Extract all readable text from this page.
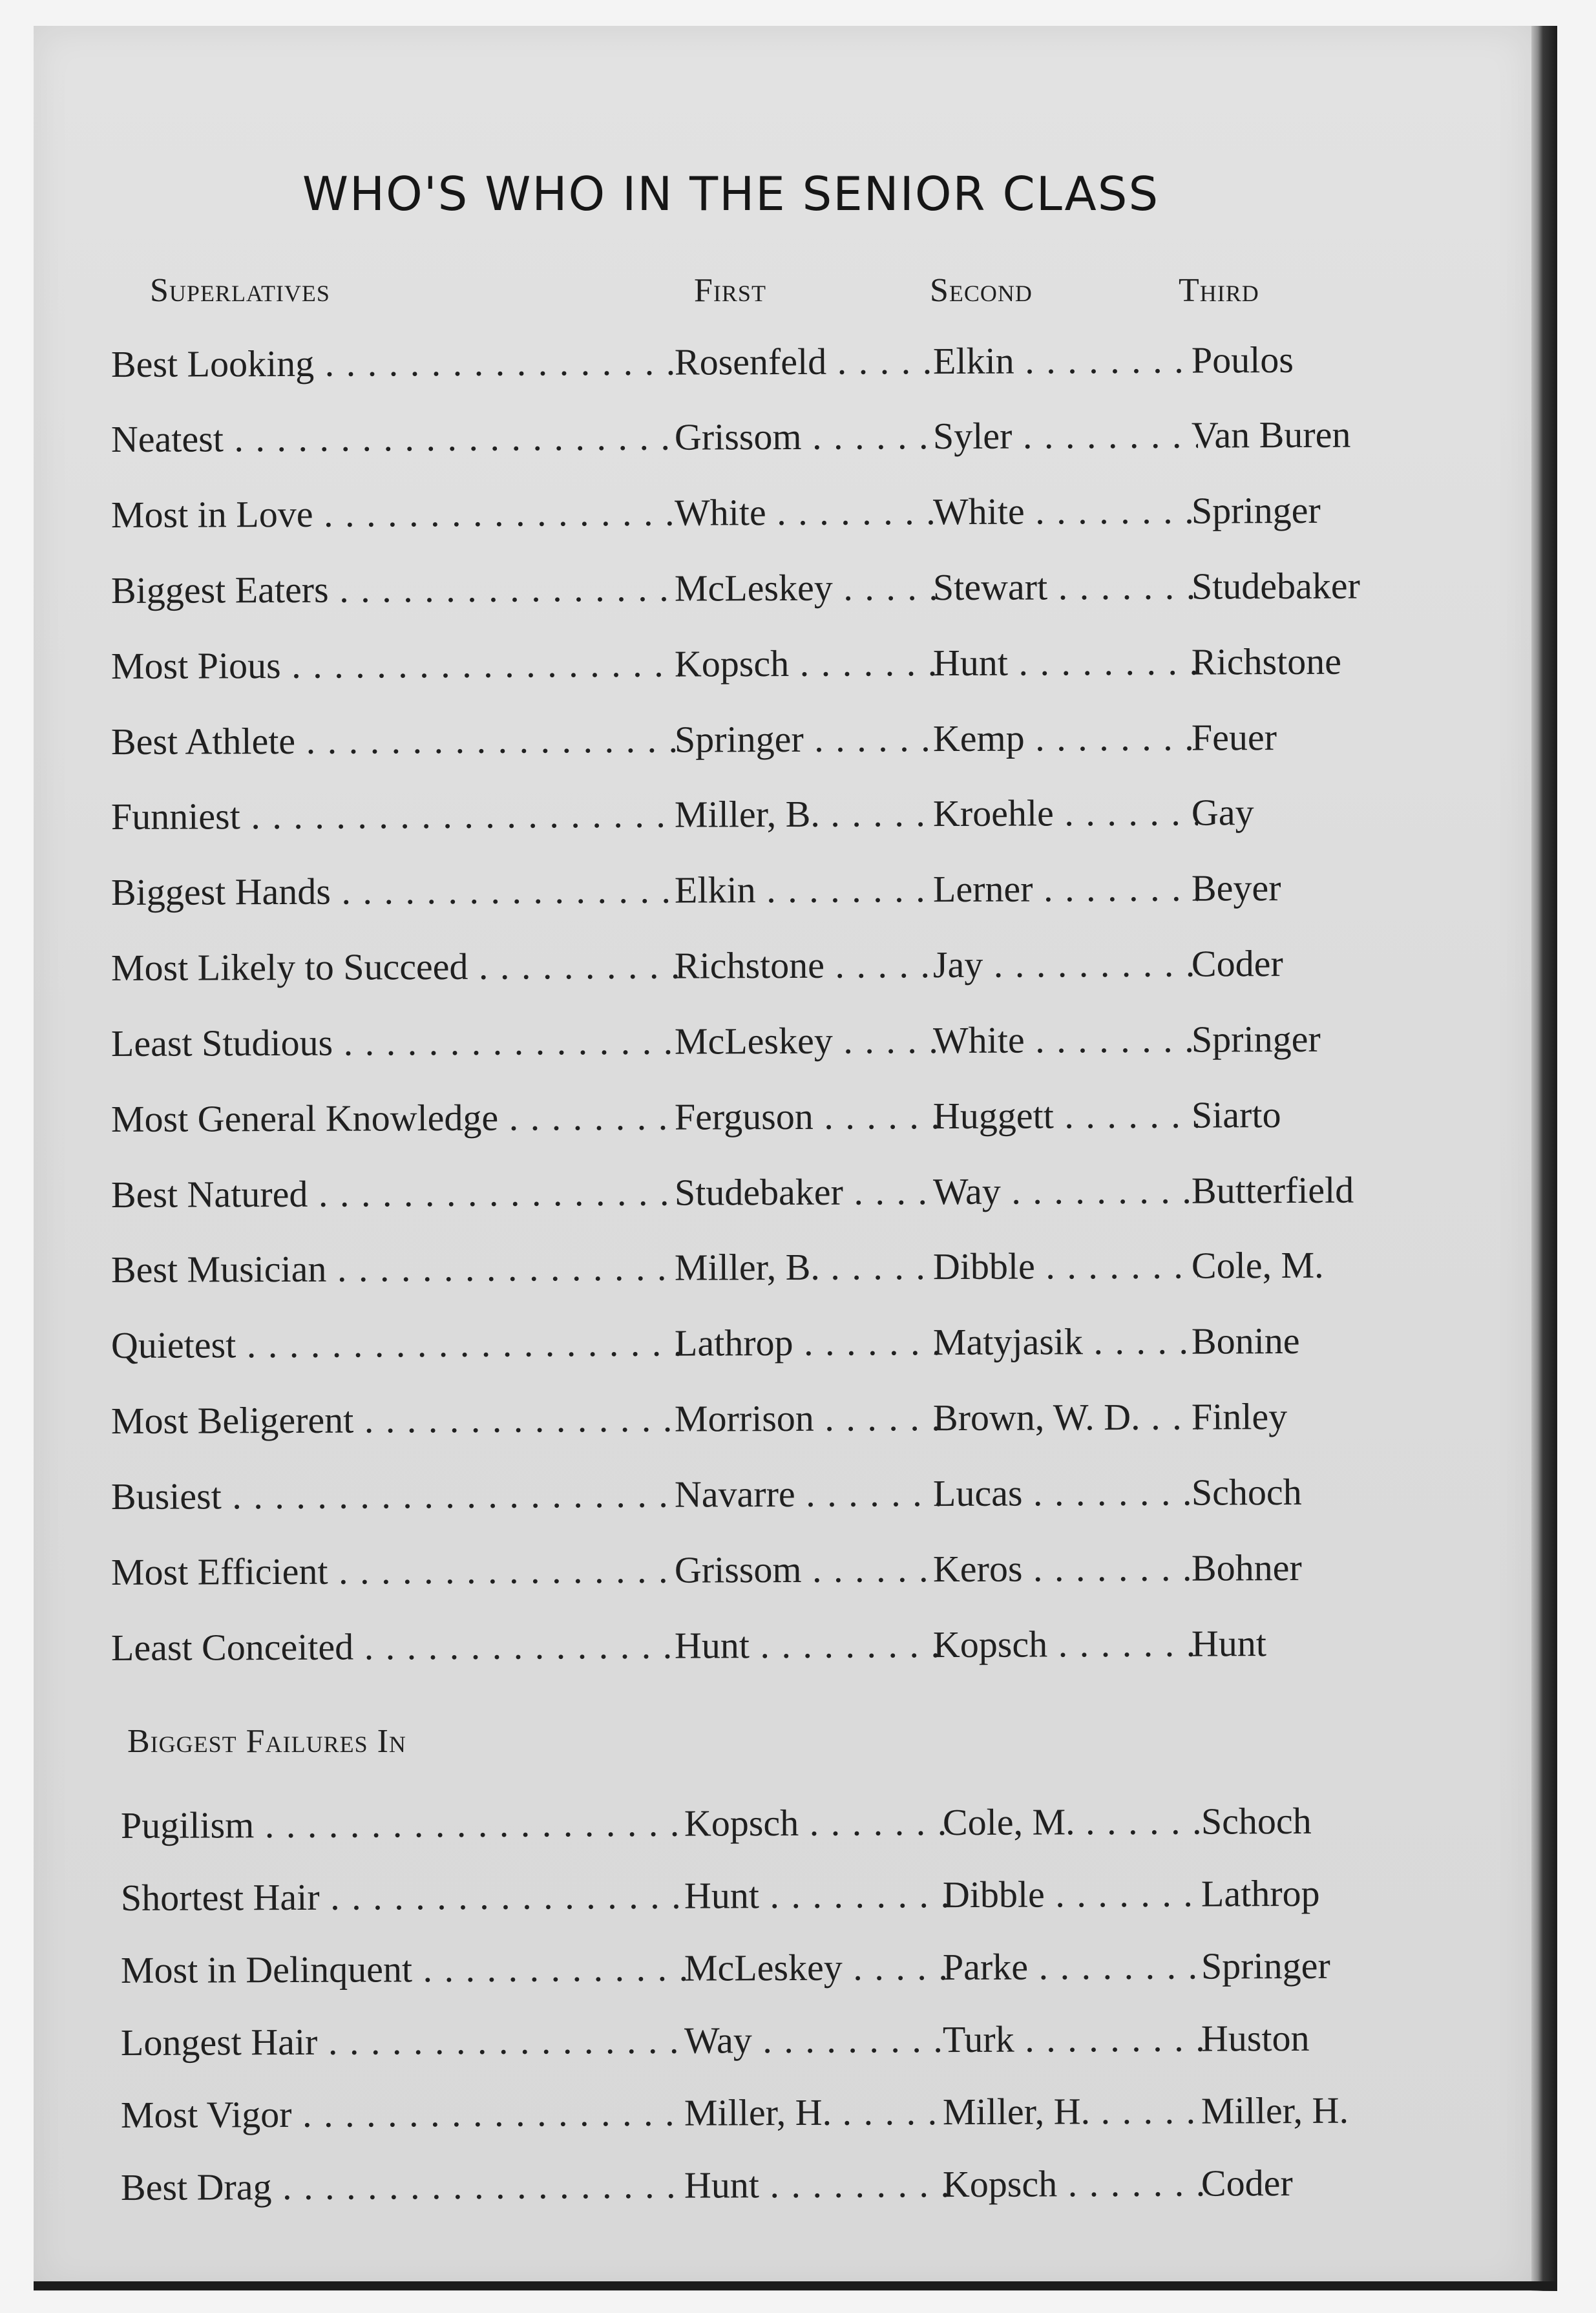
WHO'S WHO IN THE SENIOR CLASS
Superlatives	First	Second	Third
Best Looking . . .	Rosenfeld . . .	Elkin . . .	Poulos
Neatest . . .	Grissom . . .	Syler . . .	Van Buren
Most in Love . . .	White . . .	White . . .	Springer
Biggest Eaters . . .	McLeskey . . .	Stewart . . .	Studebaker
Most Pious . . .	Kopsch . . .	Hunt . . .	Richstone
Best Athlete . . .	Springer . . .	Kemp . . .	Feuer
Funniest . . .	Miller, B. . . .	Kroehle . . .	Gay
Biggest Hands . . .	Elkin . . .	Lerner . . .	Beyer
Most Likely to Succeed . . .	Richstone . . .	Jay . . .	Coder
Least Studious . . .	McLeskey . . .	White . . .	Springer
Most General Knowledge . . .	Ferguson . . .	Huggett . . .	Siarto
Best Natured . . .	Studebaker . . .	Way . . .	Butterfield
Best Musician . . .	Miller, B. . . .	Dibble . . .	Cole, M.
Quietest . . .	Lathrop . . .	Matyjasik . . .	Bonine
Most Beligerent . . .	Morrison . . .	Brown, W. D. . . .	Finley
Busiest . . .	Navarre . . .	Lucas . . .	Schoch
Most Efficient . . .	Grissom . . .	Keros . . .	Bohner
Least Conceited . . .	Hunt . . .	Kopsch . . .	Hunt
Biggest Failures In
Pugilism . . .	Kopsch . . .	Cole, M. . . .	Schoch
Shortest Hair . . .	Hunt . . .	Dibble . . .	Lathrop
Most in Delinquent . . .	McLeskey . . .	Parke . . .	Springer
Longest Hair . . .	Way . . .	Turk . . .	Huston
Most Vigor . . .	Miller, H. . . .	Miller, H. . . .	Miller, H.
Best Drag . . .	Hunt . . .	Kopsch . . .	Coder
